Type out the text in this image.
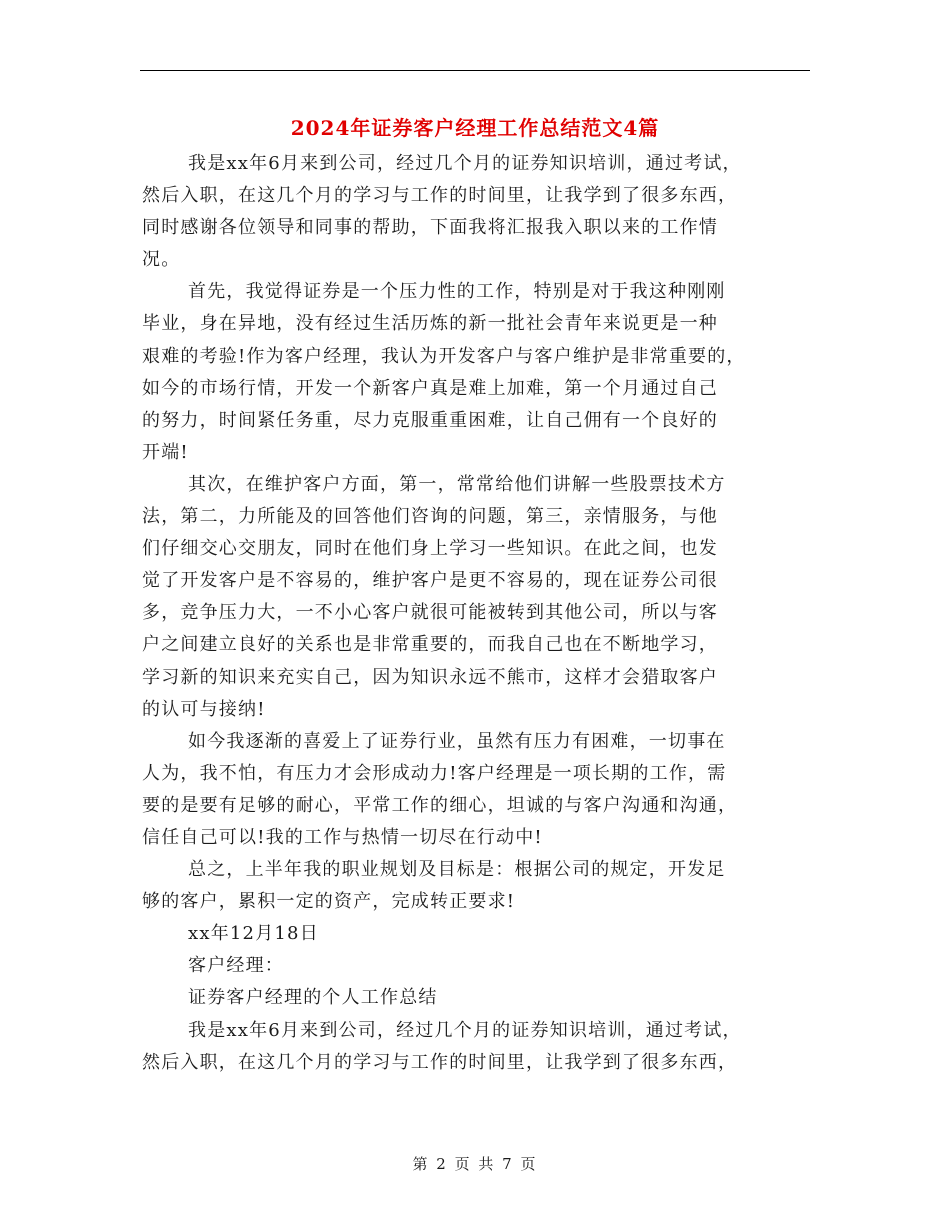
2024年证券客户经理工作总结范文4篇
我是xx年6月来到公司，经过几个月的证券知识培训，通过考试，
然后入职，在这几个月的学习与工作的时间里，让我学到了很多东西，
同时感谢各位领导和同事的帮助，下面我将汇报我入职以来的工作情
况。
首先，我觉得证券是一个压力性的工作，特别是对于我这种刚刚
毕业，身在异地，没有经过生活历炼的新一批社会青年来说更是一种
艰难的考验!作为客户经理，我认为开发客户与客户维护是非常重要的，
如今的市场行情，开发一个新客户真是难上加难，第一个月通过自己
的努力，时间紧任务重，尽力克服重重困难，让自己佣有一个良好的
开端!
其次，在维护客户方面，第一，常常给他们讲解一些股票技术方
法，第二，力所能及的回答他们咨询的问题，第三，亲情服务，与他
们仔细交心交朋友，同时在他们身上学习一些知识。在此之间，也发
觉了开发客户是不容易的，维护客户是更不容易的，现在证券公司很
多，竞争压力大，一不小心客户就很可能被转到其他公司，所以与客
户之间建立良好的关系也是非常重要的，而我自己也在不断地学习，
学习新的知识来充实自己，因为知识永远不熊市，这样才会猎取客户
的认可与接纳!
如今我逐渐的喜爱上了证券行业，虽然有压力有困难，一切事在
人为，我不怕，有压力才会形成动力!客户经理是一项长期的工作，需
要的是要有足够的耐心，平常工作的细心，坦诚的与客户沟通和沟通，
信任自己可以!我的工作与热情一切尽在行动中!
总之，上半年我的职业规划及目标是：根据公司的规定，开发足
够的客户，累积一定的资产，完成转正要求!
xx年12月18日
客户经理：
证券客户经理的个人工作总结
我是xx年6月来到公司，经过几个月的证券知识培训，通过考试，
然后入职，在这几个月的学习与工作的时间里，让我学到了很多东西，
第 2 页 共 7 页
